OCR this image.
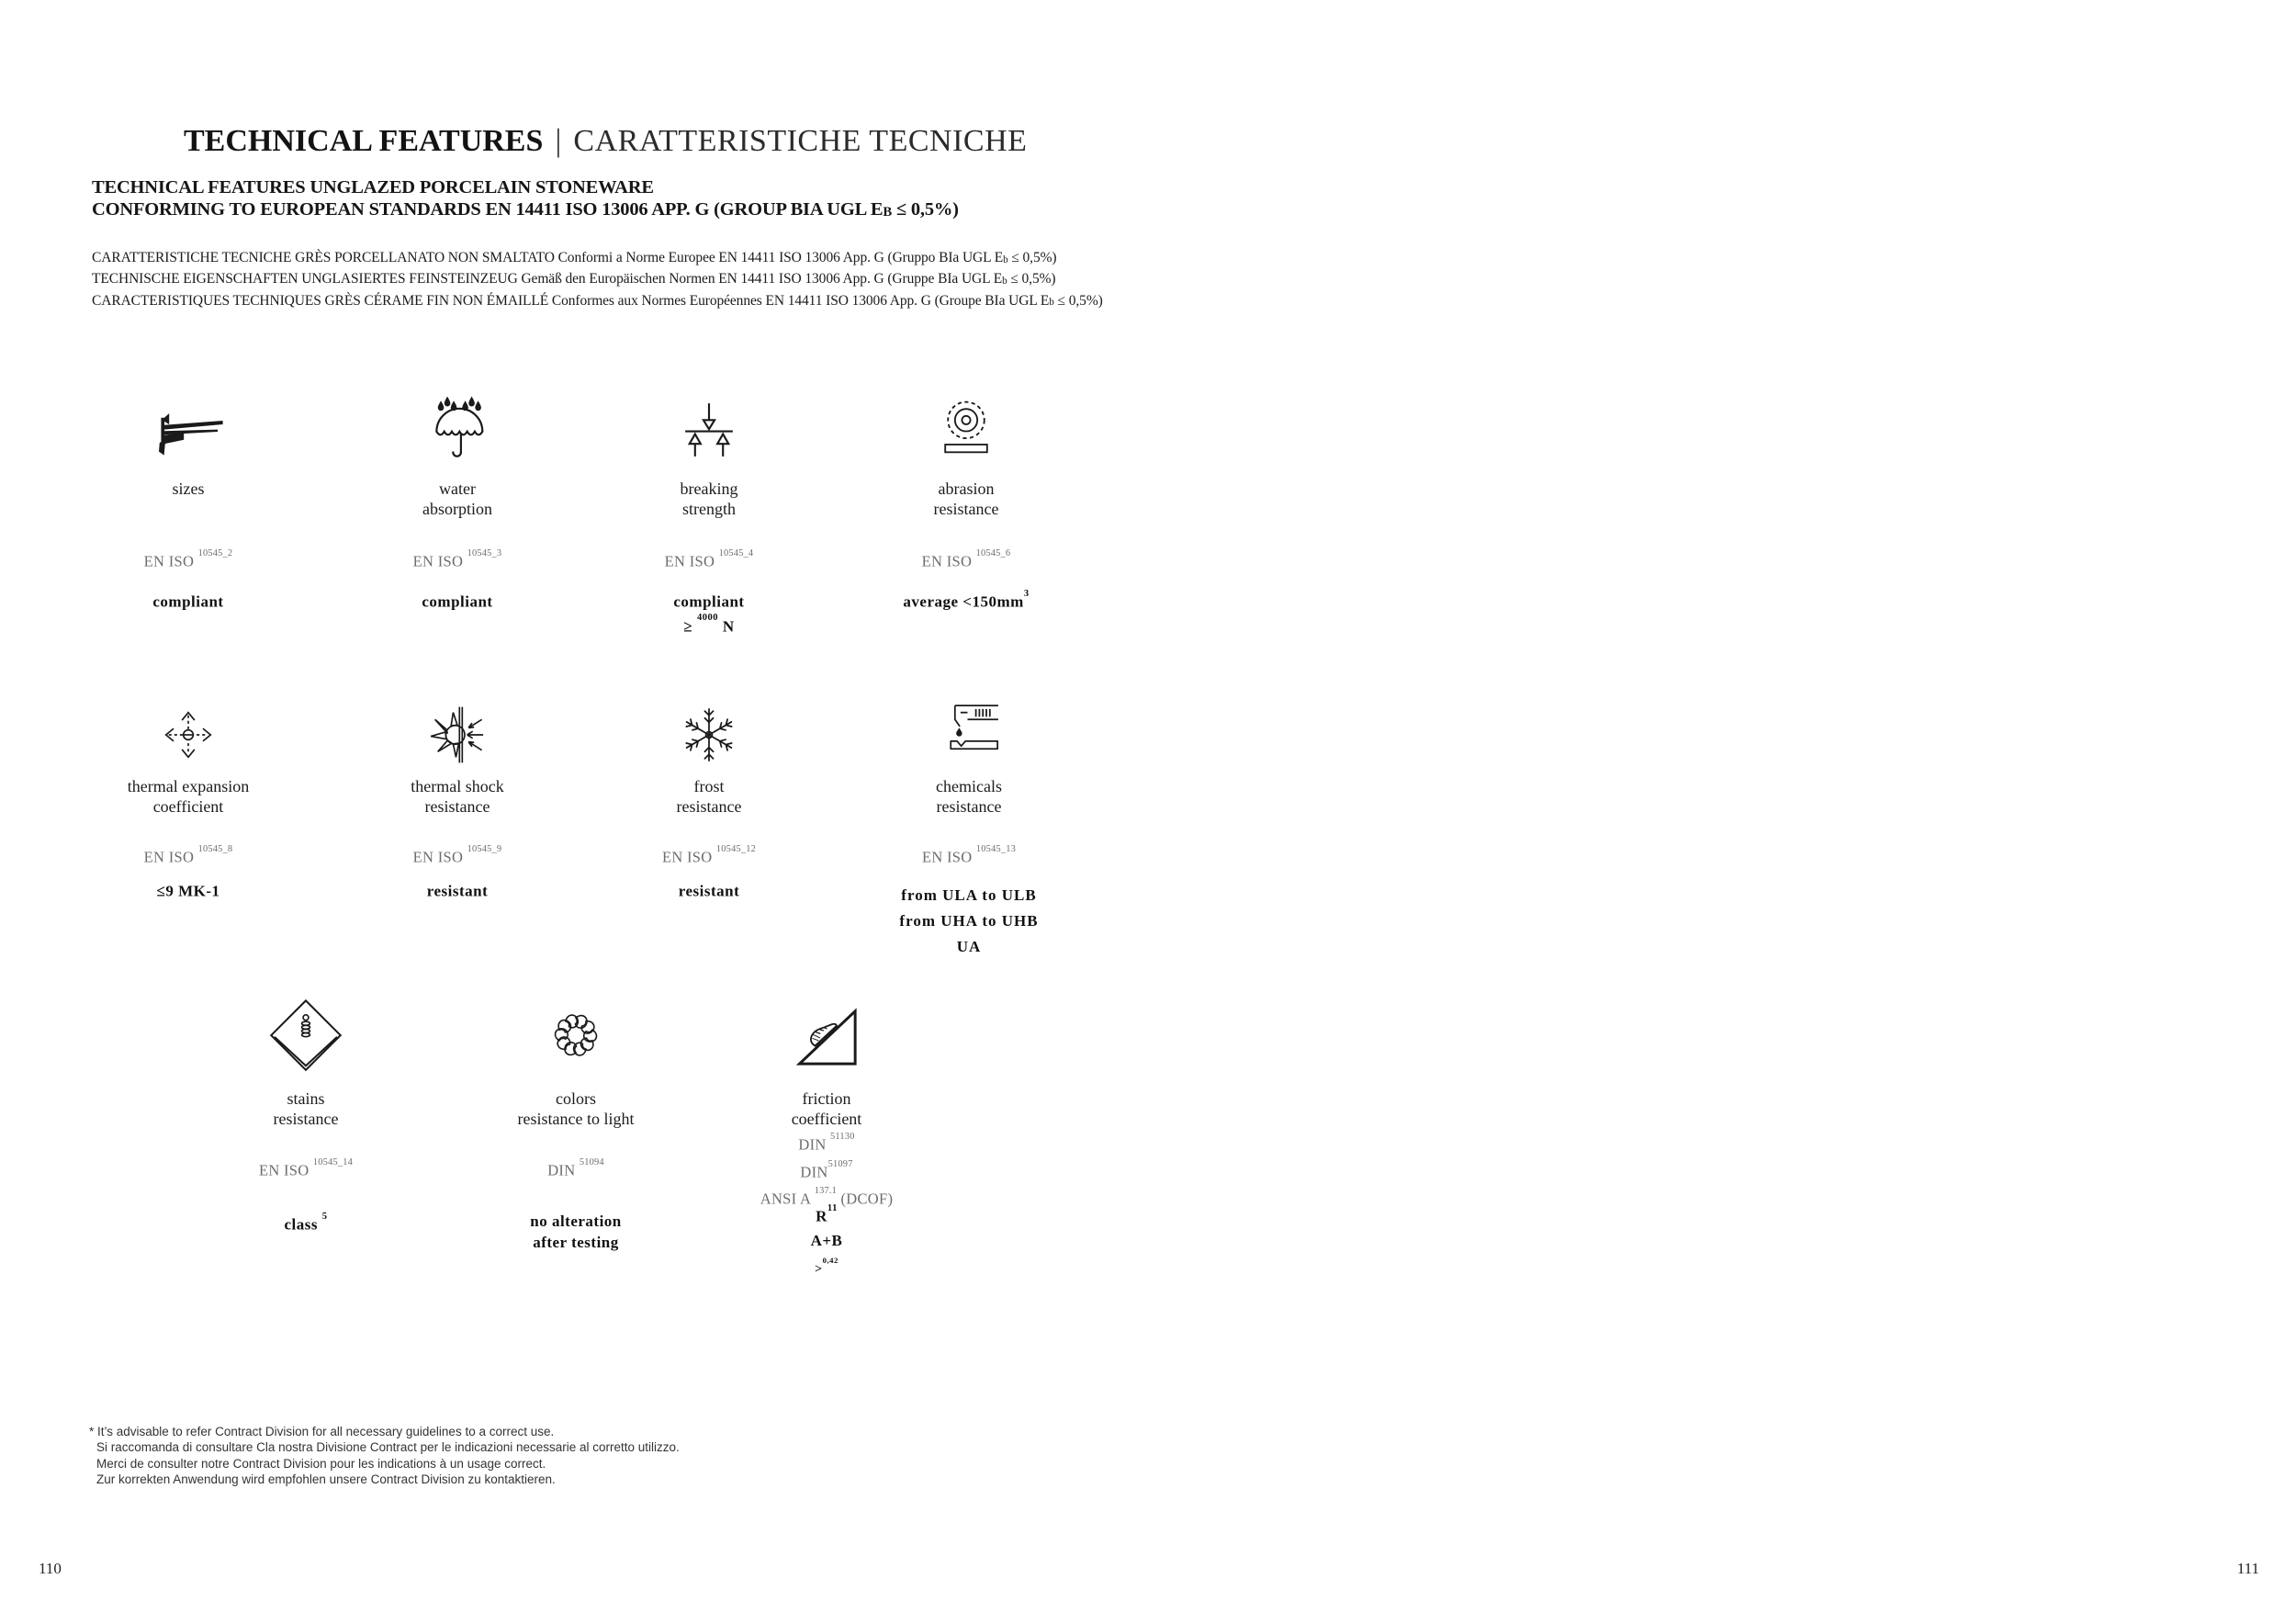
TECHNICAL FEATURES | CARATTERISTICHE TECNICHE
TECHNICAL FEATURES UNGLAZED PORCELAIN STONEWARE
CONFORMING TO EUROPEAN STANDARDS EN 14411 ISO 13006 APP. G (GROUP BIA UGL EB ≤ 0,5%)
CARATTERISTICHE TECNICHE GRÈS PORCELLANATO NON SMALTATO Conformi a Norme Europee EN 14411 ISO 13006 App. G (Gruppo BIa UGL Eb ≤ 0,5%)
TECHNISCHE EIGENSCHAFTEN UNGLASIERTES FEINSTEINZEUG Gemäß den Europäischen Normen EN 14411 ISO 13006 App. G (Gruppe BIa UGL Eb ≤ 0,5%)
CARACTERISTIQUES TECHNIQUES GRÈS CÉRAME FIN NON ÉMAILLÉ Conformes aux Normes Européennes EN 14411 ISO 13006 App. G (Groupe BIa UGL Eb ≤ 0,5%)
sizes
EN ISO $^{10545\_2}$
compliant
water
absorption
EN ISO $^{10545\_3}$
compliant
breaking
strength
EN ISO $^{10545\_4}$
compliant
≥ $^{4000}$ N
abrasion
resistance
EN ISO $^{10545\_6}$
average $<150mm^3$
thermal expansion
coefficient
EN ISO $^{10545\_8}$
≤9 MK-1
thermal shock
resistance
EN ISO $^{10545\_9}$
resistant
frost
resistance
EN ISO $^{10545\_12}$
resistant
chemicals
resistance
EN ISO $^{10545\_13}$
from ULA to ULB
from UHA to UHB
UA
stains
resistance
EN ISO $^{10545\_14}$
class $^5$
colors
resistance to light
DIN $^{51094}$
no alteration
after testing
friction
coefficient
DIN $^{51130}$
$DIN^{51097}$
ANSI A $^{137.1}$ (DCOF)
$R^{11}$
A+B
>$^{0,42}$
* It’s advisable to refer Contract Division for all necessary guidelines to a correct use.
Si raccomanda di consultare Cla nostra Divisione Contract per le indicazioni necessarie al corretto utilizzo.
Merci de consulter notre Contract Division pour les indications à un usage correct.
Zur korrekten Anwendung wird empfohlen unsere Contract Division zu kontaktieren.
110	111
